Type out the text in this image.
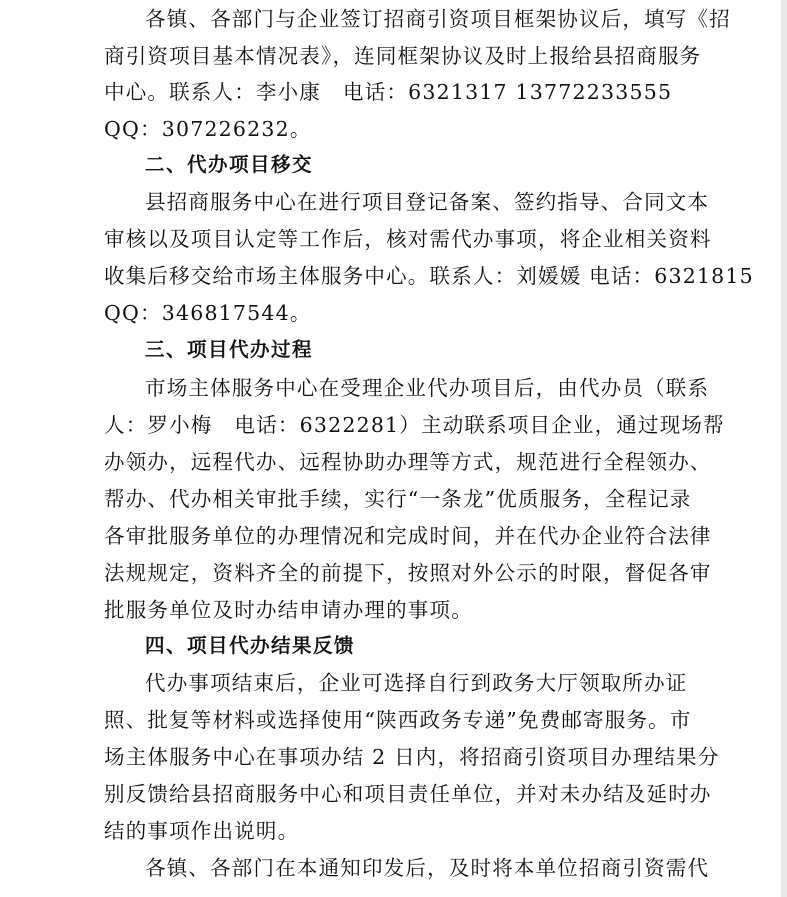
各镇、各部门与企业签订招商引资项目框架协议后，填写《招
商引资项目基本情况表》，连同框架协议及时上报给县招商服务
中心。联系人：李小康 电话：6321317 13772233555
QQ：307226232。
二、代办项目移交
县招商服务中心在进行项目登记备案、签约指导、合同文本
审核以及项目认定等工作后，核对需代办事项，将企业相关资料
收集后移交给市场主体服务中心。联系人：刘媛媛 电话：6321815
QQ：346817544。
三、项目代办过程
市场主体服务中心在受理企业代办项目后，由代办员（联系
人：罗小梅 电话：6322281）主动联系项目企业，通过现场帮
办领办，远程代办、远程协助办理等方式，规范进行全程领办、
帮办、代办相关审批手续，实行“一条龙”优质服务，全程记录
各审批服务单位的办理情况和完成时间，并在代办企业符合法律
法规规定，资料齐全的前提下，按照对外公示的时限，督促各审
批服务单位及时办结申请办理的事项。
四、项目代办结果反馈
代办事项结束后，企业可选择自行到政务大厅领取所办证
照、批复等材料或选择使用“陕西政务专递”免费邮寄服务。市
场主体服务中心在事项办结 2 日内，将招商引资项目办理结果分
别反馈给县招商服务中心和项目责任单位，并对未办结及延时办
结的事项作出说明。
各镇、各部门在本通知印发后，及时将本单位招商引资需代
